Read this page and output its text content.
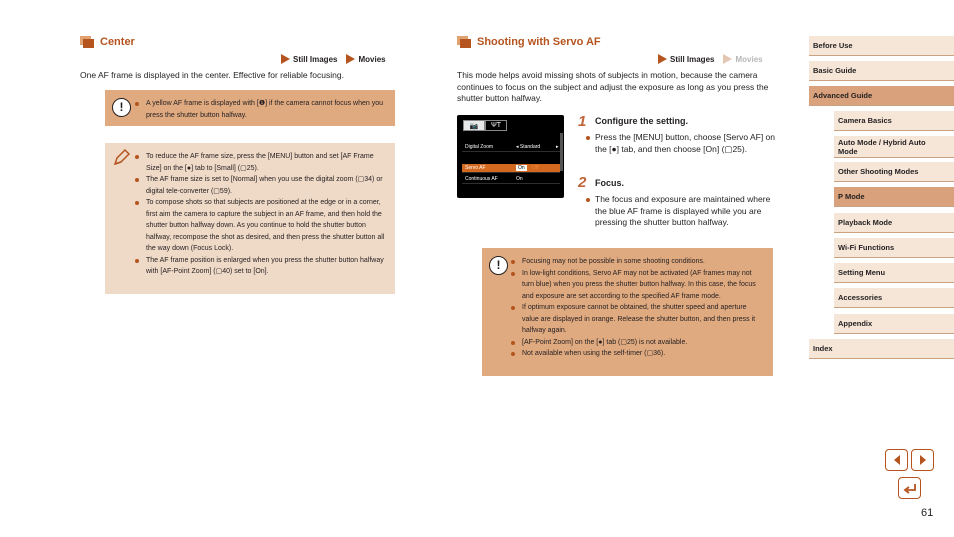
Center
Still Images	Movies
One AF frame is displayed in the center. Effective for reliable focusing.
!	A yellow AF frame is displayed with [❶] if the camera cannot focus when you press the shutter button halfway.
To reduce the AF frame size, press the [MENU] button and set [AF Frame Size] on the [●] tab to [Small] (▢25).
The AF frame size is set to [Normal] when you use the digital zoom (▢34) or digital tele-converter (▢59).
To compose shots so that subjects are positioned at the edge or in a corner, first aim the camera to capture the subject in an AF frame, and then hold the shutter button halfway down. As you continue to hold the shutter button halfway, recompose the shot as desired, and then press the shutter button all the way down (Focus Lock).
The AF frame position is enlarged when you press the shutter button halfway with [AF-Point Zoom] (▢40) set to [On].
Shooting with Servo AF
Still Images	Movies
This mode helps avoid missing shots of subjects in motion, because the camera continues to focus on the subject and adjust the exposure as long as you press the shutter button halfway.
📷	ΨΤ
Digital Zoom	◂ Standard	▸
Servo AF	On	Off
Continuous AF	On
1 Configure the setting.
Press the [MENU] button, choose [Servo AF] on the [●] tab, and then choose [On] (▢25).
2 Focus.
The focus and exposure are maintained where the blue AF frame is displayed while you are pressing the shutter button halfway.
!	Focusing may not be possible in some shooting conditions.
In low-light conditions, Servo AF may not be activated (AF frames may not turn blue) when you press the shutter button halfway. In this case, the focus and exposure are set according to the specified AF frame mode.
If optimum exposure cannot be obtained, the shutter speed and aperture value are displayed in orange. Release the shutter button, and then press it halfway again.
[AF-Point Zoom] on the [●] tab (▢25) is not available.
Not available when using the self-timer (▢36).
Before Use
Basic Guide
Advanced Guide
Camera Basics
Auto Mode / Hybrid Auto Mode
Other Shooting Modes
P Mode
Playback Mode
Wi-Fi Functions
Setting Menu
Accessories
Appendix
Index
61
